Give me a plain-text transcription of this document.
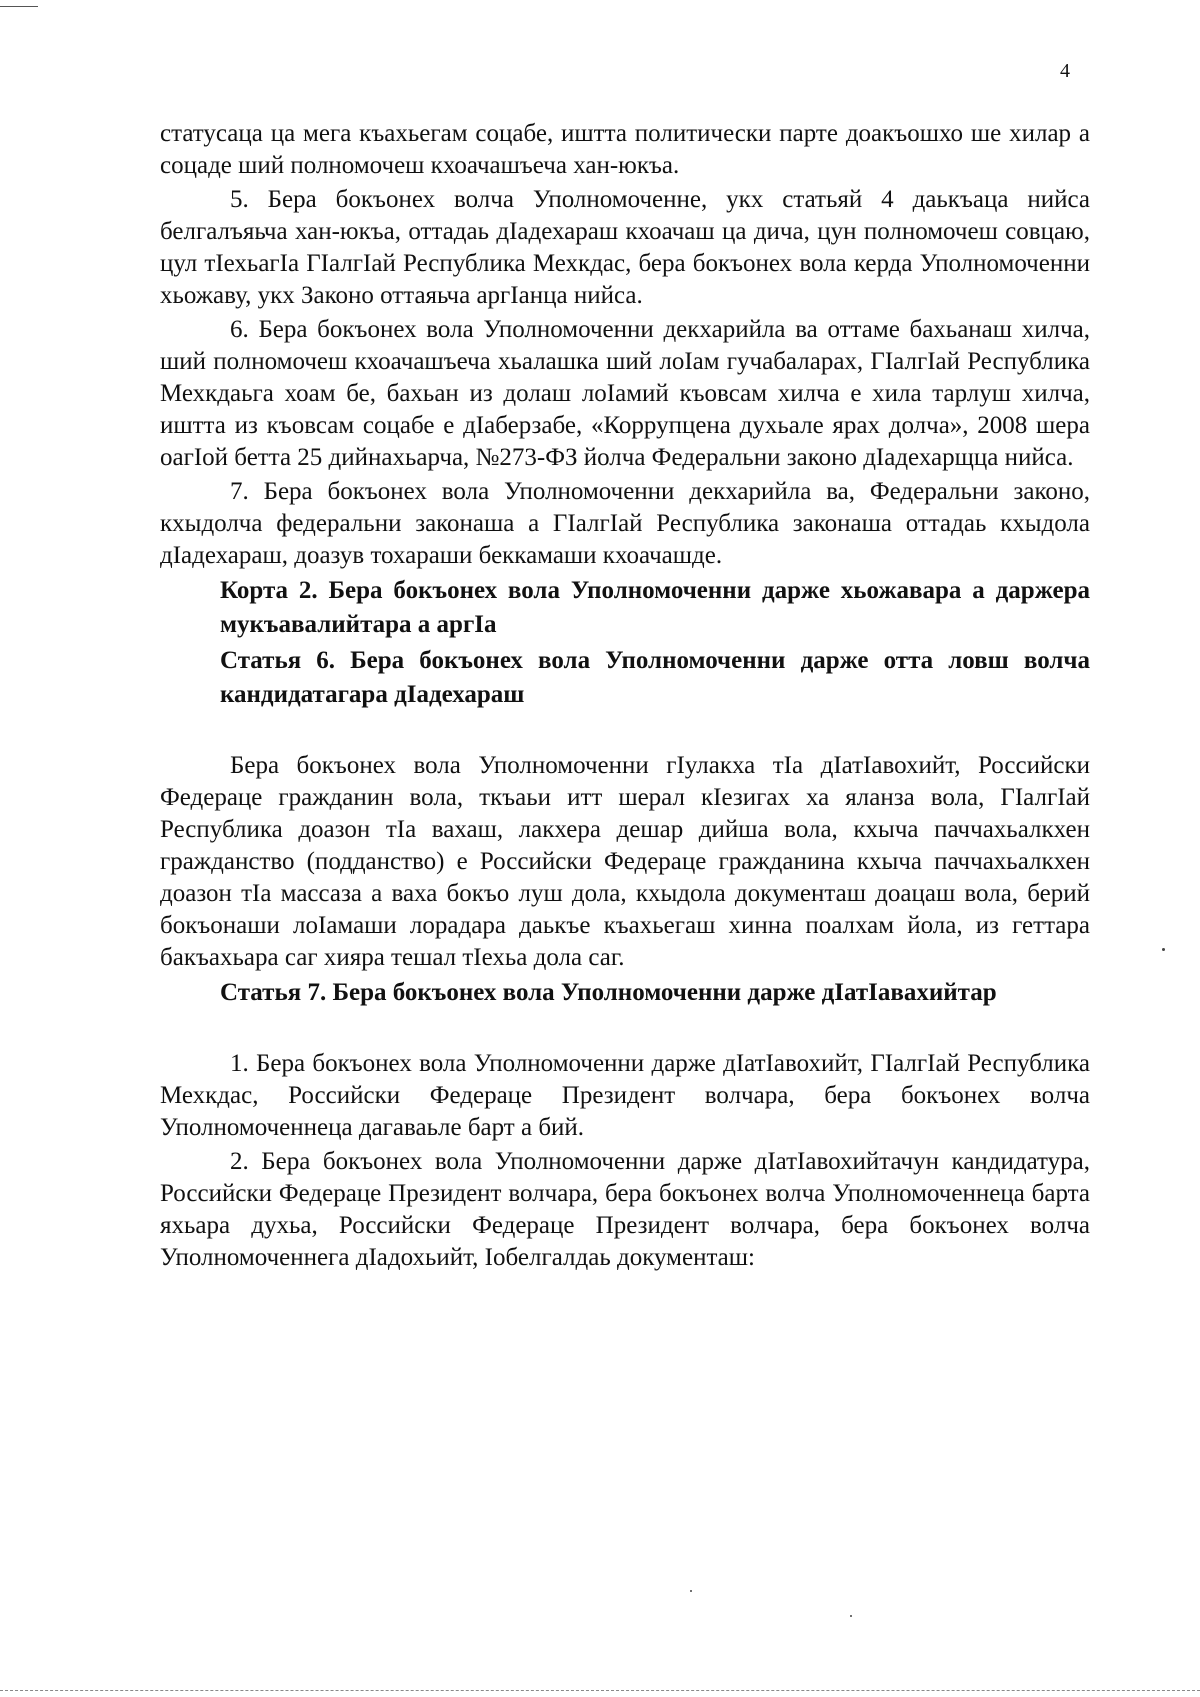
4

статусаца ца мега къахьегам соцабе, иштта политически парте доакъошхо ше хилар а соцаде ший полномочеш кхоачашъеча хан-юкъа.

5. Бера бокъонех волча Уполномоченне, укх статьяй 4 даькъаца нийса белгалъяьча хан-юкъа, оттадаь дIадехараш кхоачаш ца дича, цун полномочеш совцаю, цул тIехьагIа ГIалгIай Республика Мехкдас, бера бокъонех вола керда Уполномоченни хьожаву, укх Законо оттаяьча аргIанца нийса.

6. Бера бокъонех вола Уполномоченни декхарийла ва оттаме бахьанаш хилча, ший полномочеш кхоачашъеча хьалашка ший лоIам гучабаларах, ГIалгIай Республика Мехкдаьга хоам бе, бахьан из долаш лоIамий къовсам хилча е хила тарлуш хилча, иштта из къовсам соцабе е дIаберзабе, «Коррупцена духьале ярах долча», 2008 шера оагIой бетта 25 дийнахьарча, №273-ФЗ йолча Федеральни законо дIадехарщца нийса.

7. Бера бокъонех вола Уполномоченни декхарийла ва, Федеральни законо, кхыдолча федеральни законаша а ГIалгIай Республика законаша оттадаь кхыдола дIадехараш, доазув тохараши беккамаши кхоачашде.

Корта 2. Бера бокъонех вола Уполномоченни дарже хьожавара а даржера мукъавалийтара а аргIа

Статья 6. Бера бокъонех вола Уполномоченни дарже отта ловш волча кандидатагара дIадехараш

Бера бокъонех вола Уполномоченни гIулакха тIа дIатIавохийт, Российски Федераце гражданин вола, ткъаьи итт шерал кIезигах ха яланза вола, ГIалгIай Республика доазон тIа вахаш, лакхера дешар дийша вола, кхыча паччахьалкхен гражданство (подданство) е Российски Федераце гражданина кхыча паччахьалкхен доазон тIа массаза а ваха бокъо луш дола, кхыдола документаш доацаш вола, берий бокъонаши лоIамаши лорадара даькъе къахьегаш хинна поалхам йола, из геттара бакъахьара саг хиярa тешал тIехьа дола саг.

Статья 7. Бера бокъонех вола Уполномоченни дарже дIатIавахийтар

1. Бера бокъонех вола Уполномоченни дарже дIатIавохийт, ГIалгIай Республика Мехкдас, Российски Федераце Президент волчара, бера бокъонех волча Уполномоченнеца дагаваьле барт а бий.

2. Бера бокъонех вола Уполномоченни дарже дIатIавохийтачун кандидатура, Российски Федераце Президент волчара, бера бокъонех волча Уполномоченнеца барта яхьара духьа, Российски Федераце Президент волчара, бера бокъонех волча Уполномоченнега дIадохьийт, Iобелгалдаь документаш:
